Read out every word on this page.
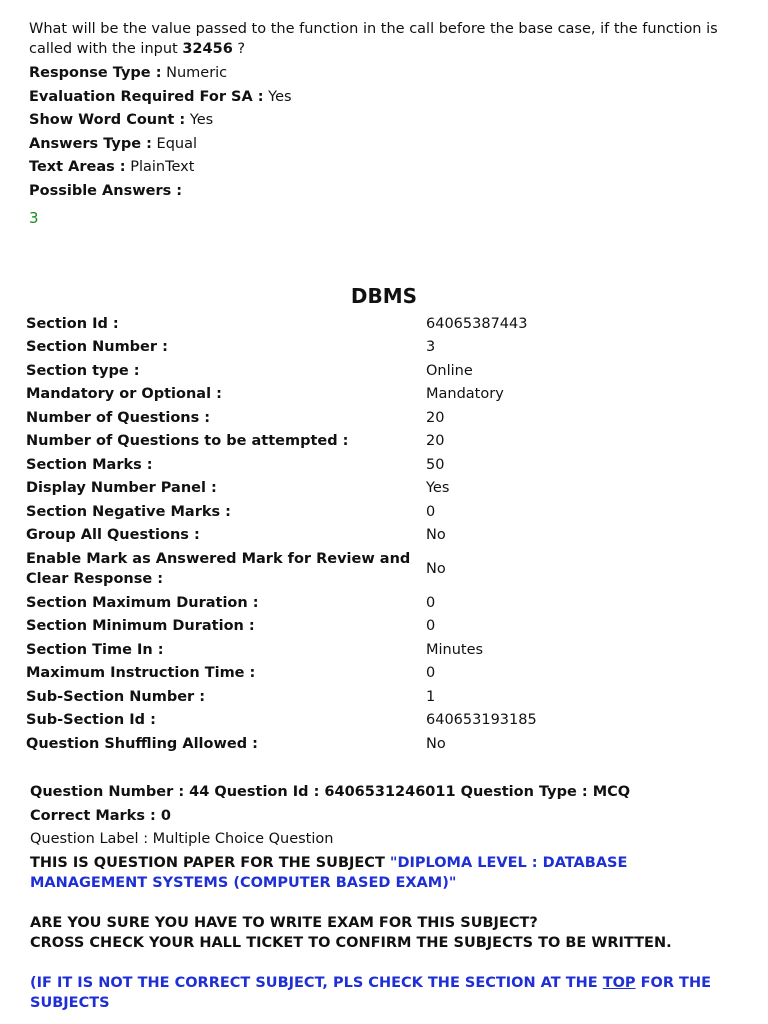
What will be the value passed to the function in the call before the base case, if the function is called with the input 32456 ?

Response Type : Numeric
Evaluation Required For SA : Yes
Show Word Count : Yes
Answers Type : Equal
Text Areas : PlainText
Possible Answers :
3
DBMS
Section Id :	64065387443
Section Number :	3
Section type :	Online
Mandatory or Optional :	Mandatory
Number of Questions :	20
Number of Questions to be attempted :	20
Section Marks :	50
Display Number Panel :	Yes
Section Negative Marks :	0
Group All Questions :	No
Enable Mark as Answered Mark for Review and Clear Response :	No
Section Maximum Duration :	0
Section Minimum Duration :	0
Section Time In :	Minutes
Maximum Instruction Time :	0
Sub-Section Number :	1
Sub-Section Id :	640653193185
Question Shuffling Allowed :	No
Question Number : 44 Question Id : 6406531246011 Question Type : MCQ
Correct Marks : 0
Question Label : Multiple Choice Question
THIS IS QUESTION PAPER FOR THE SUBJECT "DIPLOMA LEVEL : DATABASE MANAGEMENT SYSTEMS (COMPUTER BASED EXAM)"
ARE YOU SURE YOU HAVE TO WRITE EXAM FOR THIS SUBJECT?
CROSS CHECK YOUR HALL TICKET TO CONFIRM THE SUBJECTS TO BE WRITTEN.
(IF IT IS NOT THE CORRECT SUBJECT, PLS CHECK THE SECTION AT THE TOP FOR THE SUBJECTS
